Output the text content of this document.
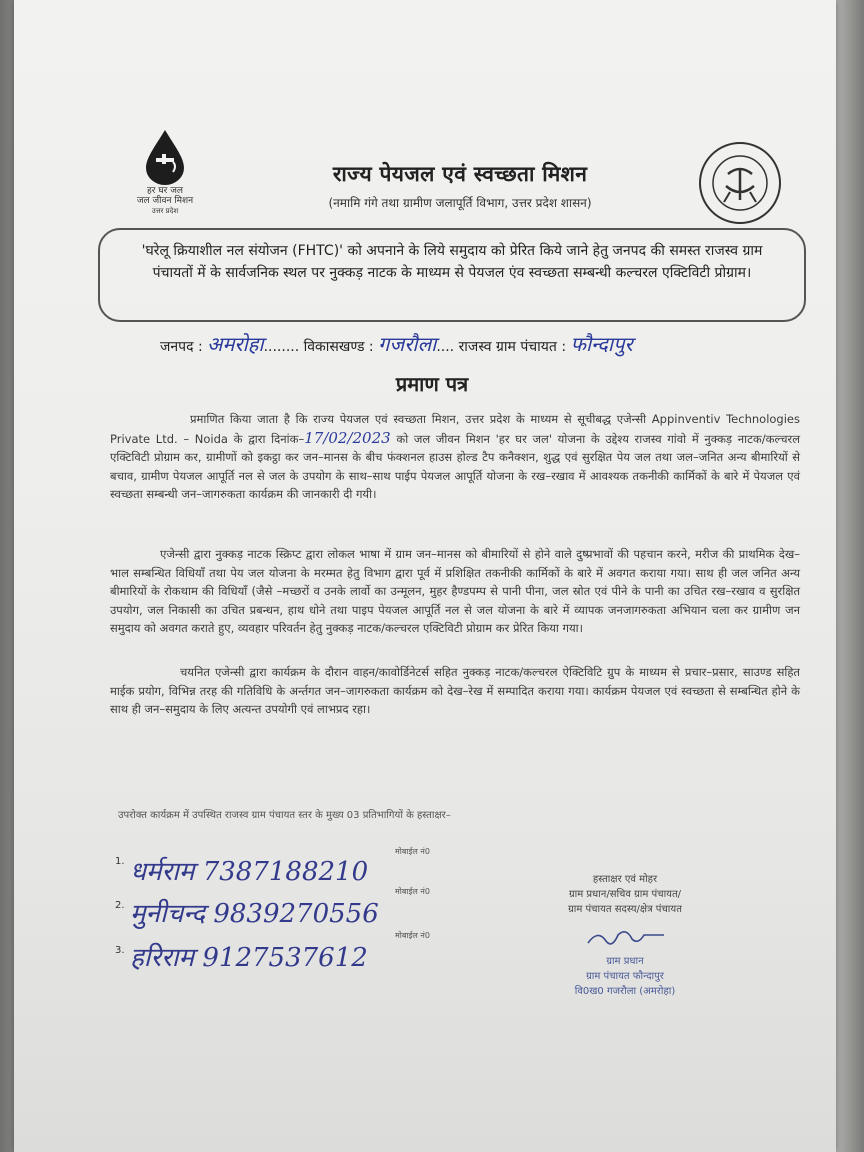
हर घर जल
जल जीवन मिशन
उत्तर प्रदेश
राज्य पेयजल एवं स्वच्छता मिशन
(नमामि गंगे तथा ग्रामीण जलापूर्ति विभाग, उत्तर प्रदेश शासन)
'घरेलू क्रियाशील नल संयोजन (FHTC)' को अपनाने के लिये समुदाय को प्रेरित किये जाने हेतु जनपद की समस्त राजस्व ग्राम पंचायतों में के सार्वजनिक स्थल पर नुक्कड़ नाटक के माध्यम से पेयजल एंव स्वच्छता सम्बन्धी कल्चरल एक्टिविटी प्रोग्राम।
जनपद : अमरोहा........ विकासखण्ड : गजरौला.... राजस्व ग्राम पंचायत : फौन्दापुर
प्रमाण पत्र
प्रमाणित किया जाता है कि राज्य पेयजल एवं स्वच्छता मिशन, उत्तर प्रदेश के माध्यम से सूचीबद्ध एजेन्सी Appinventiv Technologies Private Ltd. – Noida के द्वारा दिनांक–17/02/2023 को जल जीवन मिशन 'हर घर जल' योजना के उद्देश्य राजस्व गांवो में नुक्कड़ नाटक/कल्चरल एक्टिविटी प्रोग्राम कर, ग्रामीणों को इकट्ठा कर जन–मानस के बीच फंक्शनल हाउस होल्ड टैप कनैक्शन, शुद्ध एवं सुरक्षित पेय जल तथा जल–जनित अन्य बीमारियों से बचाव, ग्रामीण पेयजल आपूर्ति नल से जल के उपयोग के साथ–साथ पाईप पेयजल आपूर्ति योजना के रख–रखाव में आवश्यक तकनीकी कार्मिकों के बारे में पेयजल एवं स्वच्छता सम्बन्धी जन–जागरुकता कार्यक्रम की जानकारी दी गयी।
एजेन्सी द्वारा नुक्कड़ नाटक स्क्रिप्ट द्वारा लोकल भाषा में ग्राम जन–मानस को बीमारियों से होने वाले दुष्प्रभावों की पहचान करने, मरीज की प्राथमिक देख–भाल सम्बन्धित विधियाँ तथा पेय जल योजना के मरम्मत हेतु विभाग द्वारा पूर्व में प्रशिक्षित तकनीकी कार्मिकों के बारे में अवगत कराया गया। साथ ही जल जनित अन्य बीमारियों के रोकथाम की विधियाँ (जैसे –मच्छरों व उनके लार्वो का उन्मूलन, मुहर हैण्डपम्प से पानी पीना, जल स्रोत एवं पीने के पानी का उचित रख–रखाव व सुरक्षित उपयोग, जल निकासी का उचित प्रबन्धन, हाथ धोने तथा पाइप पेयजल आपूर्ति नल से जल योजना के बारे में व्यापक जनजागरुकता अभियान चला कर ग्रामीण जन समुदाय को अवगत कराते हुए, व्यवहार परिवर्तन हेतु नुक्कड़ नाटक/कल्चरल एक्टिविटी प्रोग्राम कर प्रेरित किया गया।
चयनित एजेन्सी द्वारा कार्यक्रम के दौरान वाहन/कावोर्डिनेटर्स सहित नुक्कड़ नाटक/कल्चरल ऐक्टिविटि ग्रुप के माध्यम से प्रचार–प्रसार, साउण्ड सहित माईक प्रयोग, विभिन्न तरह की गतिविधि के अर्न्तगत जन–जागरुकता कार्यक्रम को देख–रेख में सम्पादित कराया गया। कार्यक्रम पेयजल एवं स्वच्छता से सम्बन्धित होने के साथ ही जन–समुदाय के लिए अत्यन्त उपयोगी एवं लाभप्रद रहा।
उपरोक्त कार्यक्रम में उपस्थित राजस्व ग्राम पंचायत स्तर के मुख्य 03 प्रतिभागियों के हस्ताक्षर–
1.
मोबाईल नं0
धर्मराम 7387188210
2.
मोबाईल नं0
मुनीचन्द 9839270556
3.
मोबाईल नं0
हरिराम 9127537612
हस्ताक्षर एवं मोहर
ग्राम प्रधान/सचिव ग्राम पंचायत/
ग्राम पंचायत सदस्य/क्षेत्र पंचायत
ग्राम प्रधान
ग्राम पंचायत फौन्दापुर
वि0ख0 गजरौला (अमरोहा)
